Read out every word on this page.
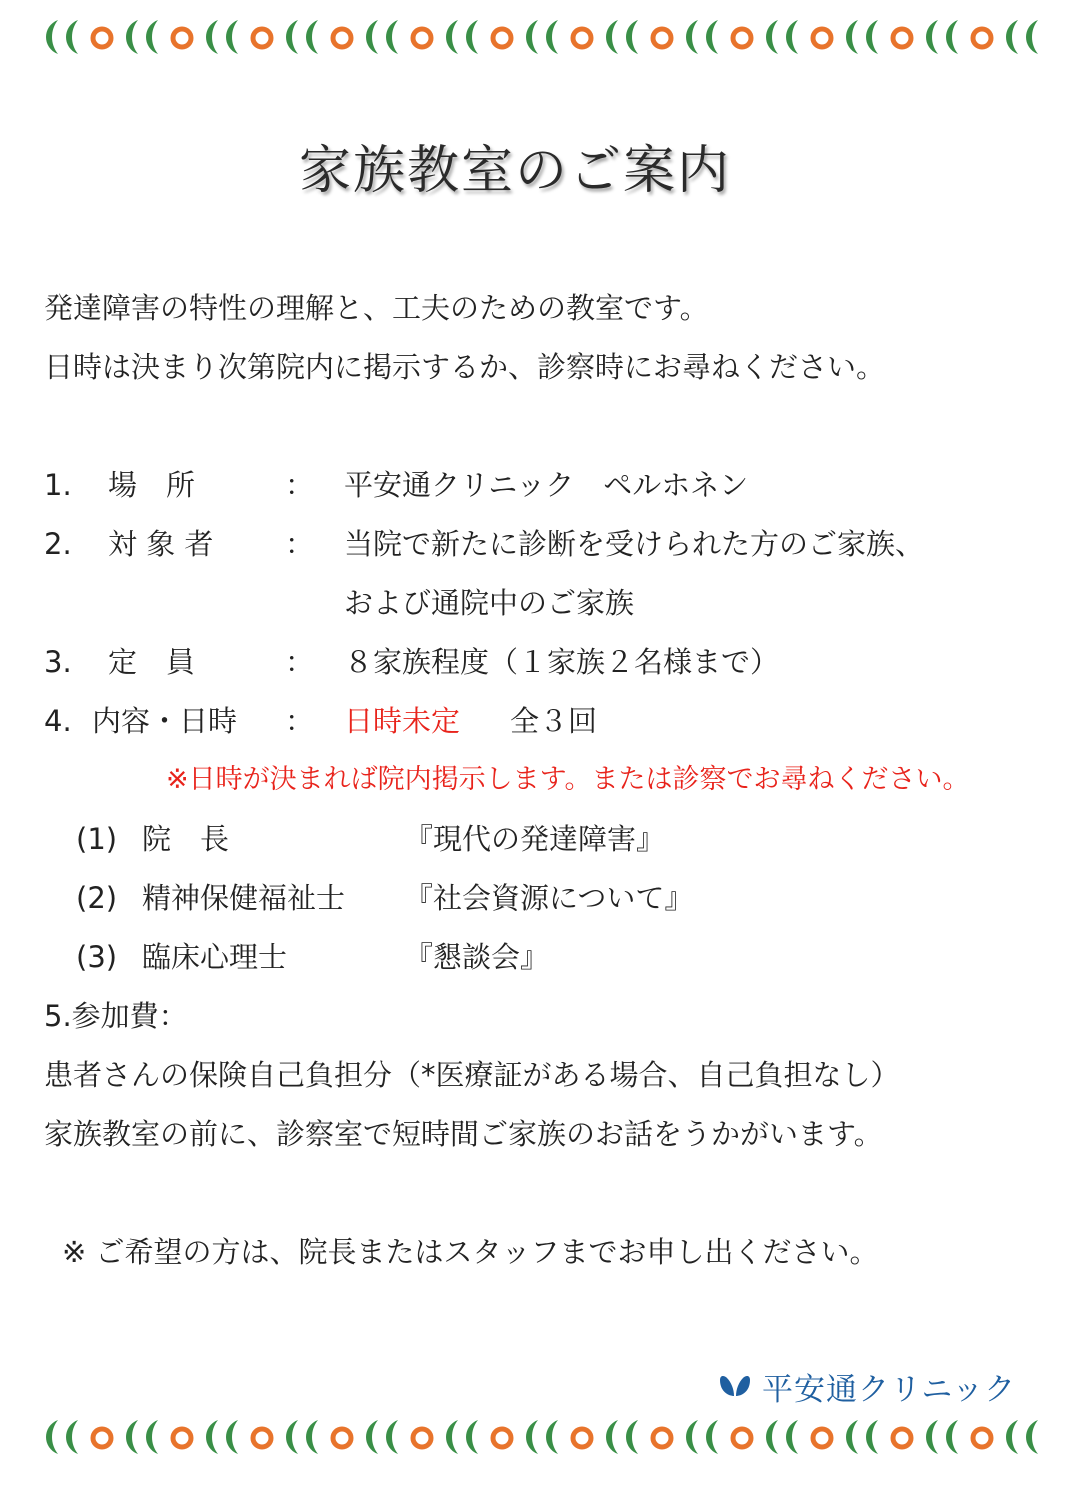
家族教室のご案内
発達障害の特性の理解と、工夫のための教室です。
日時は決まり次第院内に掲示するか、診察時にお尋ねください。
1. 場　所	： 平安通クリニック　ペルホネン
2. 対 象 者 ： 当院で新たに診断を受けられた方のご家族、
および通院中のご家族
3. 定　員	： ８家族程度（１家族２名様まで）
4. 内容・日時 ： 日時未定 全３回
※日時が決まれば院内掲示します。または診察でお尋ねください。
(1) 院　長	『現代の発達障害』
(2) 精神保健福祉士 『社会資源について』
(3) 臨床心理士	『懇談会』
5.参加費：
患者さんの保険自己負担分（*医療証がある場合、自己負担なし）
家族教室の前に、診察室で短時間ご家族のお話をうかがいます。
※ ご希望の方は、院長またはスタッフまでお申し出ください。
平安通クリニック
